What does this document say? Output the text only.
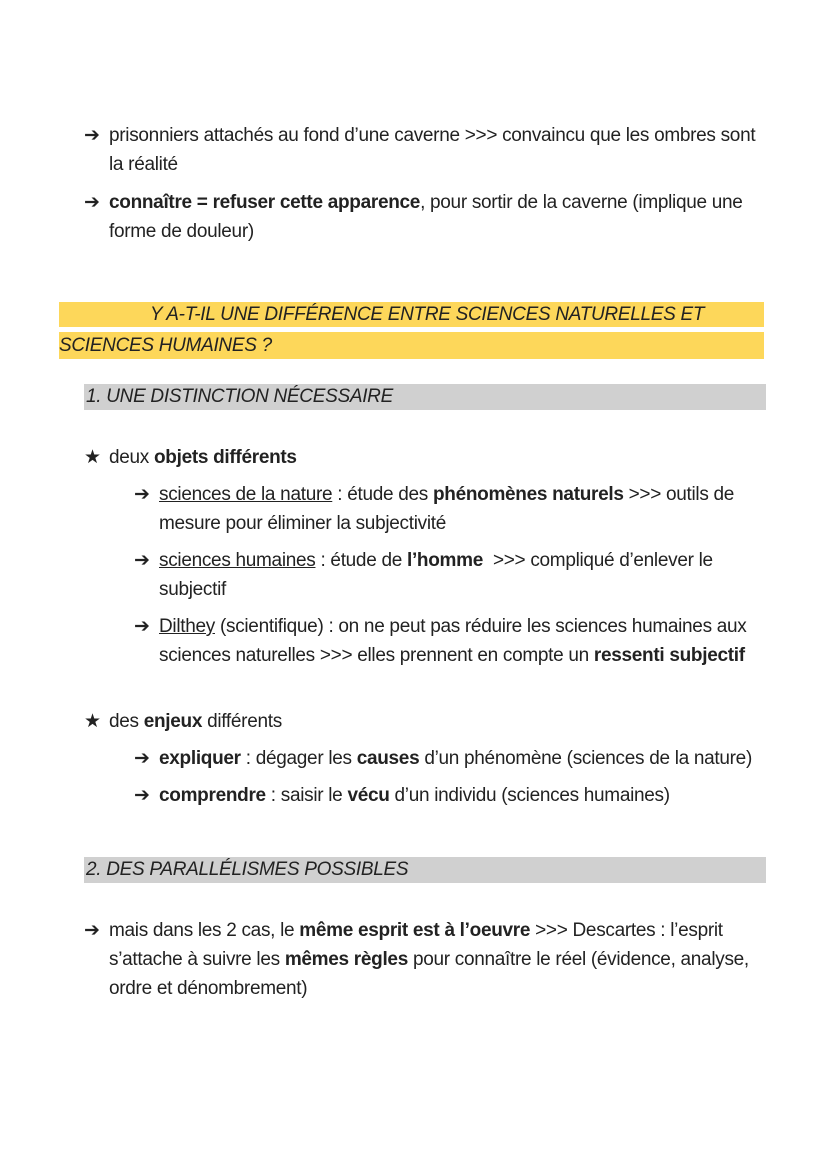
➔ prisonniers attachés au fond d’une caverne >>> convaincu que les ombres sont
la réalité
➔ connaître = refuser cette apparence, pour sortir de la caverne (implique une
forme de douleur)
Y A-T-IL UNE DIFFÉRENCE ENTRE SCIENCES NATURELLES ET
SCIENCES HUMAINES ?
1. UNE DISTINCTION NÉCESSAIRE
★ deux objets différents
➔ sciences de la nature : étude des phénomènes naturels >>> outils de
mesure pour éliminer la subjectivité
➔ sciences humaines : étude de l’homme  >>> compliqué d’enlever le
subjectif
➔ Dilthey (scientifique) : on ne peut pas réduire les sciences humaines aux
sciences naturelles >>> elles prennent en compte un ressenti subjectif
★ des enjeux différents
➔ expliquer : dégager les causes d’un phénomène (sciences de la nature)
➔ comprendre : saisir le vécu d’un individu (sciences humaines)
2. DES PARALLÉLISMES POSSIBLES
➔ mais dans les 2 cas, le même esprit est à l’oeuvre >>> Descartes : l’esprit
s’attache à suivre les mêmes règles pour connaître le réel (évidence, analyse,
ordre et dénombrement)
